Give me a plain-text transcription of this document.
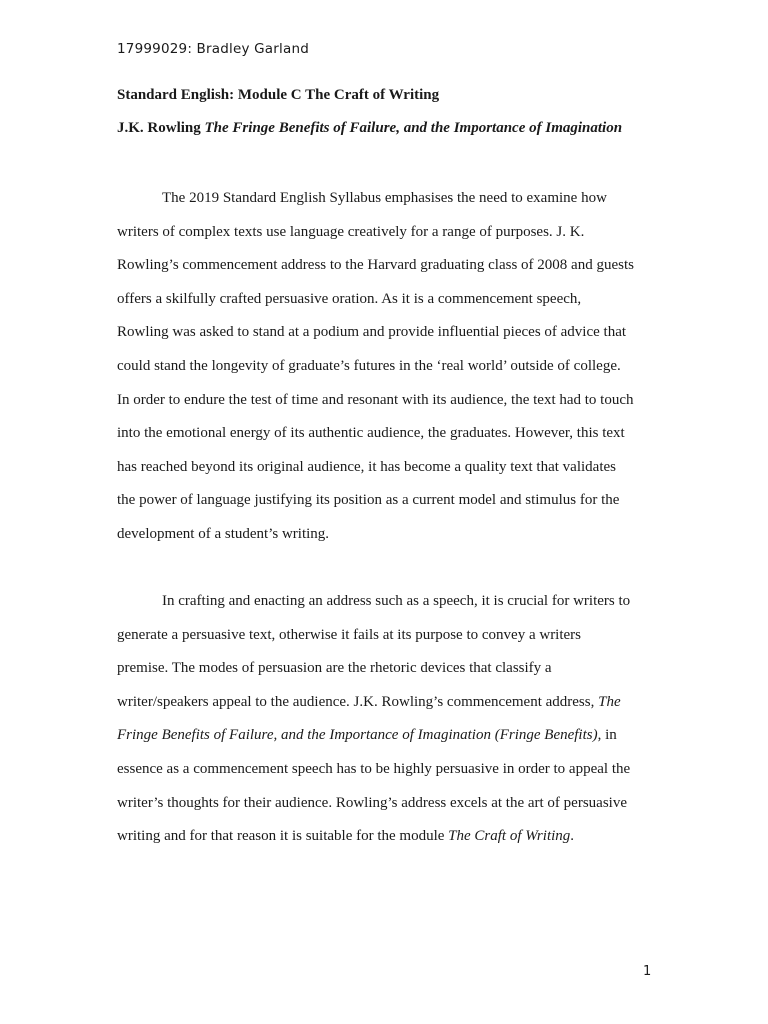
17999029: Bradley Garland
Standard English: Module C The Craft of Writing
J.K. Rowling The Fringe Benefits of Failure, and the Importance of Imagination
The 2019 Standard English Syllabus emphasises the need to examine how
writers of complex texts use language creatively for a range of purposes. J. K.
Rowling’s commencement address to the Harvard graduating class of 2008 and guests
offers a skilfully crafted persuasive oration. As it is a commencement speech,
Rowling was asked to stand at a podium and provide influential pieces of advice that
could stand the longevity of graduate’s futures in the ‘real world’ outside of college.
In order to endure the test of time and resonant with its audience, the text had to touch
into the emotional energy of its authentic audience, the graduates. However, this text
has reached beyond its original audience, it has become a quality text that validates
the power of language justifying its position as a current model and stimulus for the
development of a student’s writing.
In crafting and enacting an address such as a speech, it is crucial for writers to
generate a persuasive text, otherwise it fails at its purpose to convey a writers
premise. The modes of persuasion are the rhetoric devices that classify a
writer/speakers appeal to the audience. J.K. Rowling’s commencement address, The
Fringe Benefits of Failure, and the Importance of Imagination (Fringe Benefits), in
essence as a commencement speech has to be highly persuasive in order to appeal the
writer’s thoughts for their audience. Rowling’s address excels at the art of persuasive
writing and for that reason it is suitable for the module The Craft of Writing.
1
